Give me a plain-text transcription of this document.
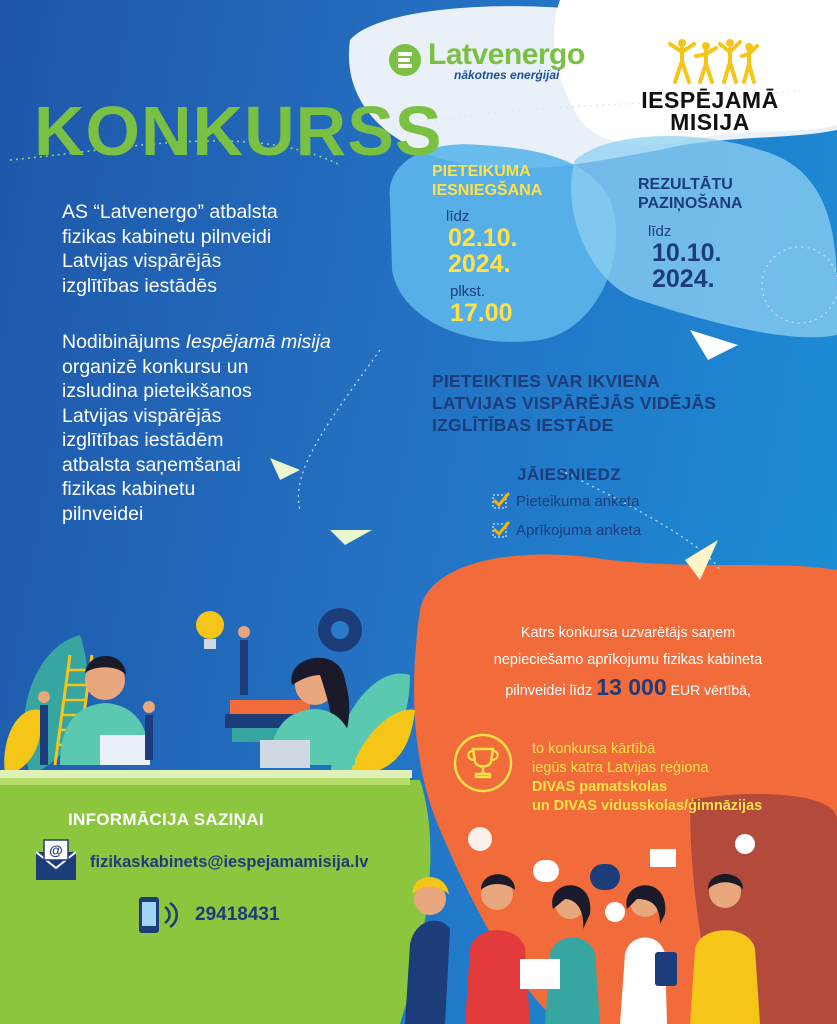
Latvenergo
nākotnes enerģijai
IESPĒJAMĀ
MISIJA
KONKURSS
AS “Latvenergo” atbalsta
fizikas kabinetu pilnveidi
Latvijas vispārējās
izglītības iestādēs
Nodibinājums Iespējamā misija
organizē konkursu un
izsludina pieteikšanos
Latvijas vispārējās
izglītības iestādēm
atbalsta saņemšanai
fizikas kabinetu
pilnveidei
PIETEIKUMA
IESNIEGŠANA
līdz
02.10.
2024.
plkst.
17.00
REZULTĀTU
PAZIŅOŠANA
līdz
10.10.
2024.
PIETEIKTIES VAR IKVIENA
LATVIJAS VISPĀRĒJĀS VIDĒJĀS
IZGLĪTĪBAS IESTĀDE
JĀIESNIEDZ
Pieteikuma anketa
Aprīkojuma anketa
Katrs konkursa uzvarētājs saņem
nepieciešamo aprīkojumu fizikas kabineta
pilnveidei līdz 13 000 EUR vērtībā,
to konkursa kārtībā
iegūs katra Latvijas reģiona
DIVAS pamatskolas
un DIVAS vidusskolas/ģimnāzijas
INFORMĀCIJA SAZIŅAI
@
fizikaskabinets@iespejamamisija.lv
29418431
